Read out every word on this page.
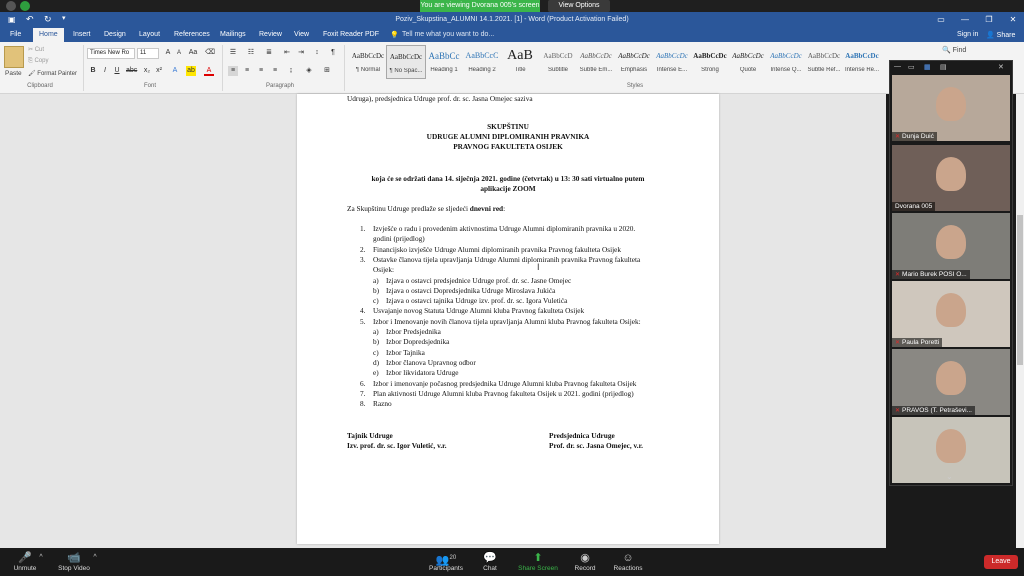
You are viewing Dvorana 005's screen	View Options
▣ ↶ ↻ ▾	Poziv_Skupstina_ALUMNI 14.1.2021. [1] - Word (Product Activation Failed)	▭	—	❐	✕
File	Home	Insert	Design	Layout	References	Mailings	Review	View	Foxit Reader PDF	💡 Tell me what you want to do...	Sign in 👤 Share
Paste
✂ Cut
⎘ Copy
🖌 Format Painter
Clipboard
Times New Ro	11	A	A	Aa ⌫
B	I	U abc x₂ x²	A	ab	A
Font
☰ ☷ ≣ ⇤ ⇥	↕	¶
≡	≡	≡	≡	↨	◈	⊞
Paragraph
AaBbCcDc
¶ Normal
AaBbCcDc
¶ No Spac...
AaBbCc
Heading 1
AaBbCcC
Heading 2
AaB
Title
AaBbCcD
Subtitle
AaBbCcDc
Subtle Em...
AaBbCcDc
Emphasis
AaBbCcDc
Intense E...
AaBbCcDc
Strong
AaBbCcDc
Quote
AaBbCcDc
Intense Q...
AaBbCcDc
Subtle Ref...
AaBbCcDc
Intense Re...
Styles
🔍 Find

Udruga), predsjednica Udruge prof. dr. sc. Jasna Omejec saziva

SKUPŠTINU

UDRUGE ALUMNI DIPLOMIRANIH PRAVNIKA

PRAVNOG FAKULTETA OSIJEK

koja će se održati dana 14. siječnja 2021. godine (četvrtak) u 13: 30 sati virtualno putem

aplikacije ZOOM

Za Skupštinu Udruge predlaže se sljedeći dnevni red:

Tajnik Udruge

Izv. prof. dr. sc. Igor Vuletić, v.r.

Predsjednica Udruge

Prof. dr. sc. Jasna Omejec, v.r.

1. Izvješće o radu i provedenim aktivnostima Udruge Alumni diplomiranih pravnika u 2020.

godini (prijedlog)

2. Financijsko izvješće Udruge Alumni diplomiranih pravnika Pravnog fakulteta Osijek

3. Ostavke članova tijela upravljanja Udruge Alumni diplomiranih pravnika Pravnog fakulteta

Osijek:

a) Izjava o ostavci predsjednice Udruge prof. dr. sc. Jasne Omejec

b) Izjava o ostavci Dopredsjednika Udruge Miroslava Jukića

c) Izjava o ostavci tajnika Udruge izv. prof. dr. sc. Igora Vuletića

4. Usvajanje novog Statuta Udruge Alumni kluba Pravnog fakulteta Osijek

5. Izbor i Imenovanje novih članova tijela upravljanja Alumni kluba Pravnog fakulteta Osijek:

a) Izbor Predsjednika

b) Izbor Dopredsjednika

c) Izbor Tajnika

d) Izbor članova Upravnog odbor

e) Izbor likvidatora Udruge

6. Izbor i imenovanje počasnog predsjednika Udruge Alumni kluba Pravnog fakulteta Osijek

7. Plan aktivnosti Udruge Alumni kluba Pravnog fakulteta Osijek u 2021. godini (prijedlog)

8. Razno

I
— ▭ ▦ ▤	✕
✕ Dunja Duić
Dvorana 005
✕ Mario Burek POSI O...
✕ Paula Poretti
✕ PRAVOS (T. Petraševi...
⌄
🎤
Unmute
^	📹
Stop Video
^	👥$^{20}$
Participants
💬
Chat
⬆
Share Screen
◉
Record
☺
Reactions
Leave
